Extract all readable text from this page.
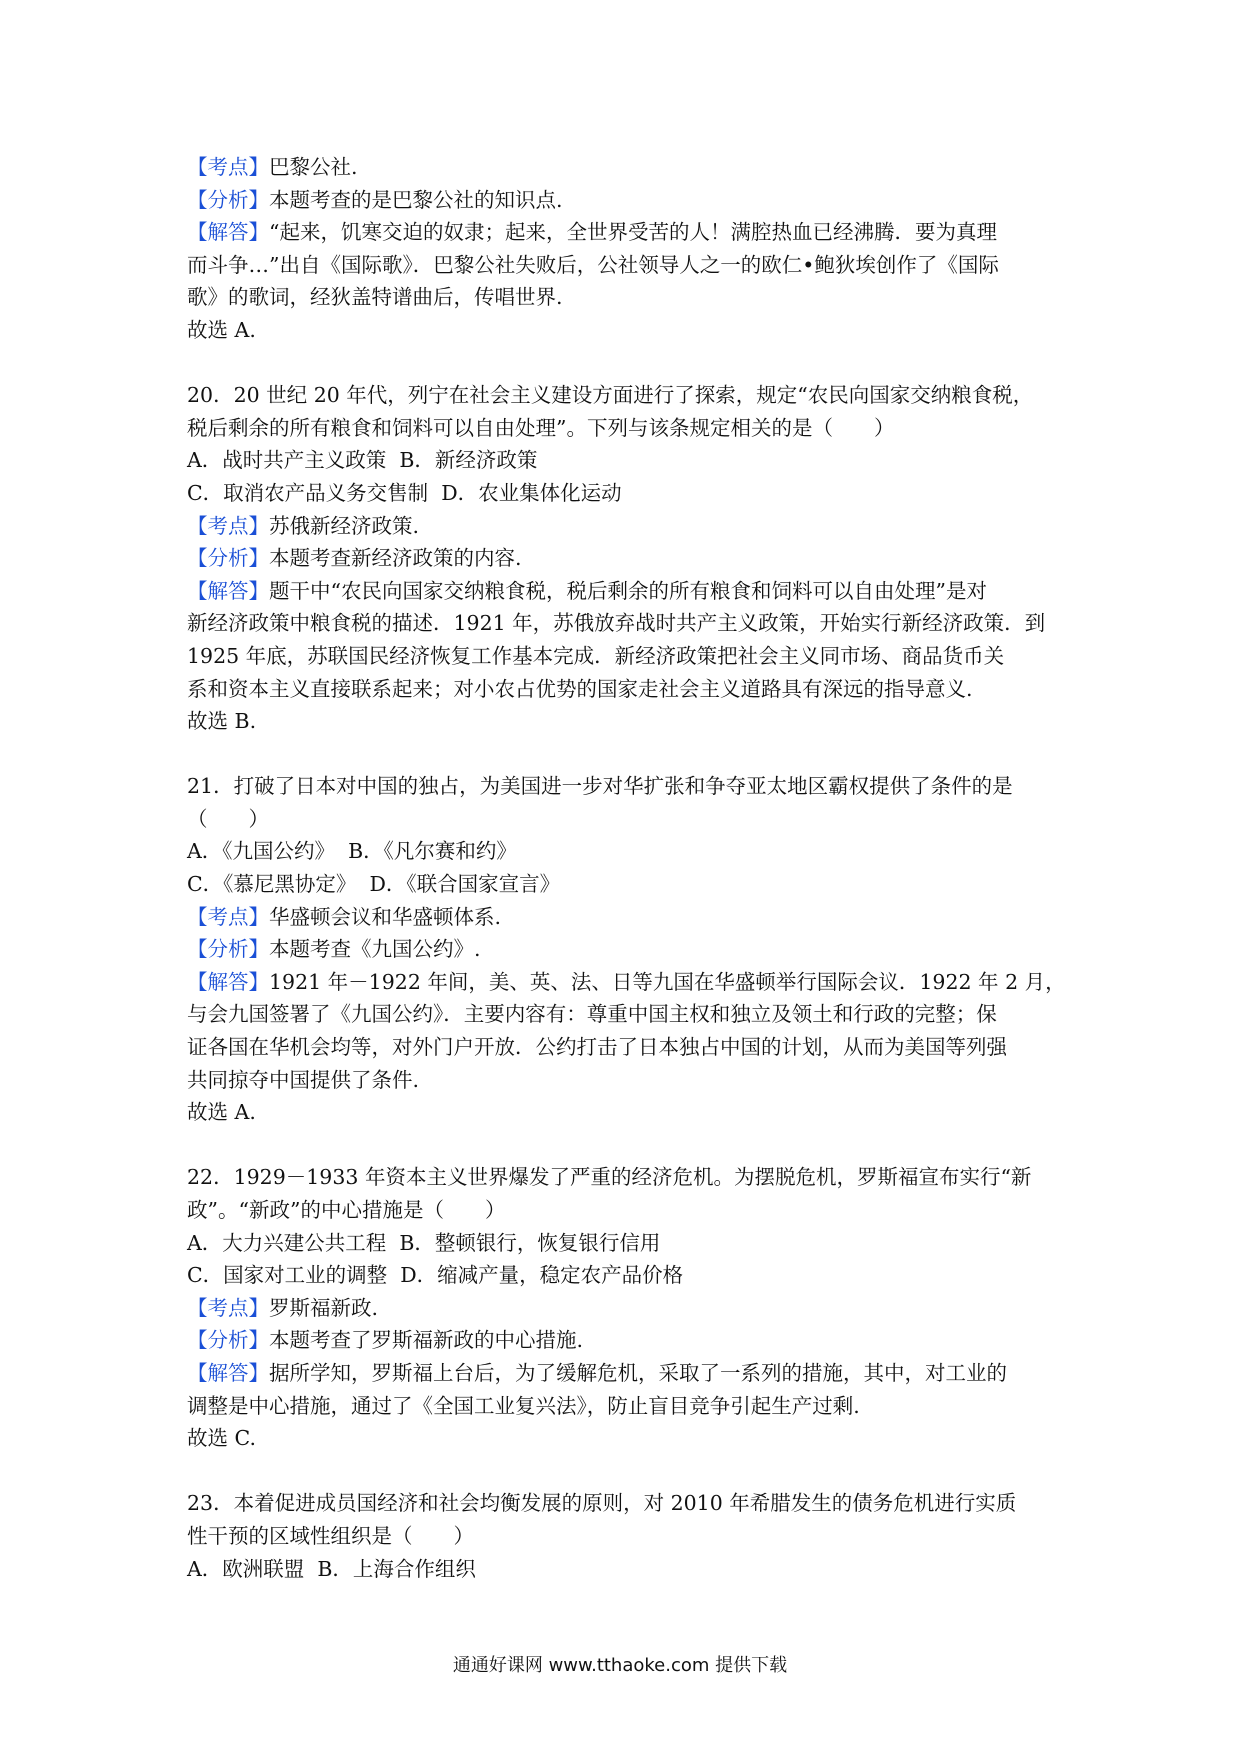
【考点】巴黎公社.
【分析】本题考查的是巴黎公社的知识点.
【解答】“起来，饥寒交迫的奴隶；起来，全世界受苦的人！满腔热血已经沸腾．要为真理
而斗争…”出自《国际歌》．巴黎公社失败后，公社领导人之一的欧仁•鲍狄埃创作了《国际
歌》的歌词，经狄盖特谱曲后，传唱世界.
故选 A.
20．20 世纪 20 年代，列宁在社会主义建设方面进行了探索，规定“农民向国家交纳粮食税，
税后剩余的所有粮食和饲料可以自由处理”。下列与该条规定相关的是（　　）
A．战时共产主义政策  B．新经济政策
C．取消农产品义务交售制  D．农业集体化运动
【考点】苏俄新经济政策.
【分析】本题考查新经济政策的内容.
【解答】题干中“农民向国家交纳粮食税，税后剩余的所有粮食和饲料可以自由处理”是对
新经济政策中粮食税的描述．1921 年，苏俄放弃战时共产主义政策，开始实行新经济政策．到
1925 年底，苏联国民经济恢复工作基本完成．新经济政策把社会主义同市场、商品货币关
系和资本主义直接联系起来；对小农占优势的国家走社会主义道路具有深远的指导意义.
故选 B.
21．打破了日本对中国的独占，为美国进一步对华扩张和争夺亚太地区霸权提供了条件的是
（　　）
A．《九国公约》  B．《凡尔赛和约》
C．《慕尼黑协定》  D．《联合国家宣言》
【考点】华盛顿会议和华盛顿体系.
【分析】本题考查《九国公约》.
【解答】1921 年－1922 年间，美、英、法、日等九国在华盛顿举行国际会议．1922 年 2 月，
与会九国签署了《九国公约》．主要内容有：尊重中国主权和独立及领土和行政的完整；保
证各国在华机会均等，对外门户开放．公约打击了日本独占中国的计划，从而为美国等列强
共同掠夺中国提供了条件.
故选 A.
22．1929－1933 年资本主义世界爆发了严重的经济危机。为摆脱危机，罗斯福宣布实行“新
政”。“新政”的中心措施是（　　）
A．大力兴建公共工程  B．整顿银行，恢复银行信用
C．国家对工业的调整  D．缩减产量，稳定农产品价格
【考点】罗斯福新政.
【分析】本题考查了罗斯福新政的中心措施.
【解答】据所学知，罗斯福上台后，为了缓解危机，采取了一系列的措施，其中，对工业的
调整是中心措施，通过了《全国工业复兴法》，防止盲目竞争引起生产过剩.
故选 C.
23．本着促进成员国经济和社会均衡发展的原则，对 2010 年希腊发生的债务危机进行实质
性干预的区域性组织是（　　）
A．欧洲联盟  B．上海合作组织
通通好课网 www.tthaoke.com 提供下载
